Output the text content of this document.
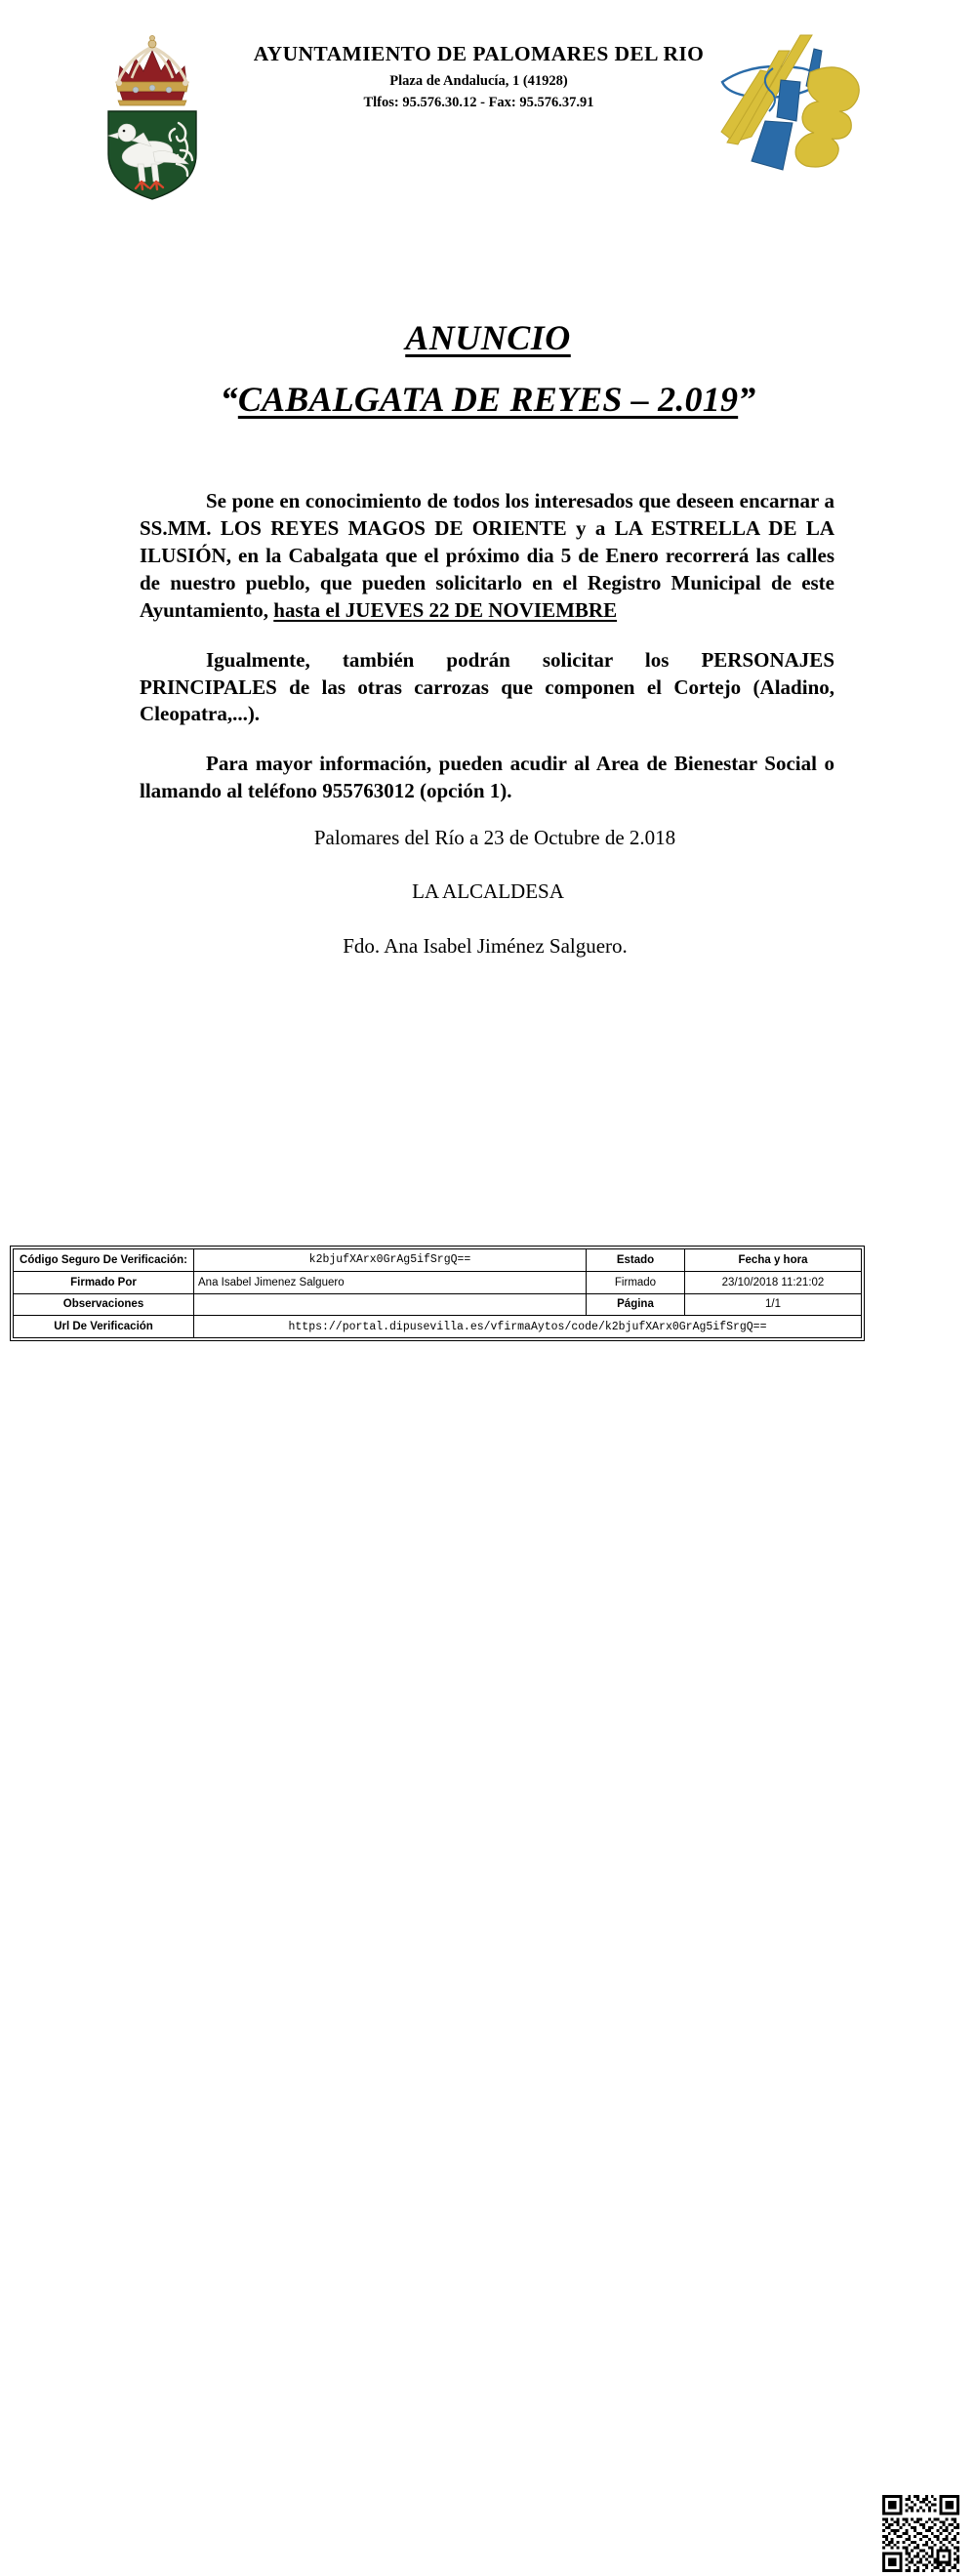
AYUNTAMIENTO DE PALOMARES DEL RIO
Plaza de Andalucía, 1 (41928)
Tlfos: 95.576.30.12 - Fax: 95.576.37.91
ANUNCIO
“CABALGATA DE REYES – 2.019”

Se pone en conocimiento de todos los interesados que deseen encarnar a SS.MM. LOS REYES MAGOS DE ORIENTE y a LA ESTRELLA DE LA ILUSIÓN, en la Cabalgata que el próximo dia 5 de Enero recorrerá las calles de nuestro pueblo, que pueden solicitarlo en el Registro Municipal de este Ayuntamiento, hasta el JUEVES 22 DE NOVIEMBRE

Igualmente, también podrán solicitar los PERSONAJES PRINCIPALES de las otras carrozas que componen el Cortejo (Aladino, Cleopatra,...).

Para mayor información, pueden acudir al Area de Bienestar Social o llamando al teléfono 955763012 (opción 1).

Palomares del Río a 23 de Octubre de 2.018
LA ALCALDESA
Fdo. Ana Isabel Jiménez Salguero.
Código Seguro De Verificación:	k2bjufXArx0GrAg5ifSrgQ==	Estado	Fecha y hora
Firmado Por	Ana Isabel Jimenez Salguero	Firmado	23/10/2018 11:21:02
Observaciones		Página	1/1
Url De Verificación	https://portal.dipusevilla.es/vfirmaAytos/code/k2bjufXArx0GrAg5ifSrgQ==		
